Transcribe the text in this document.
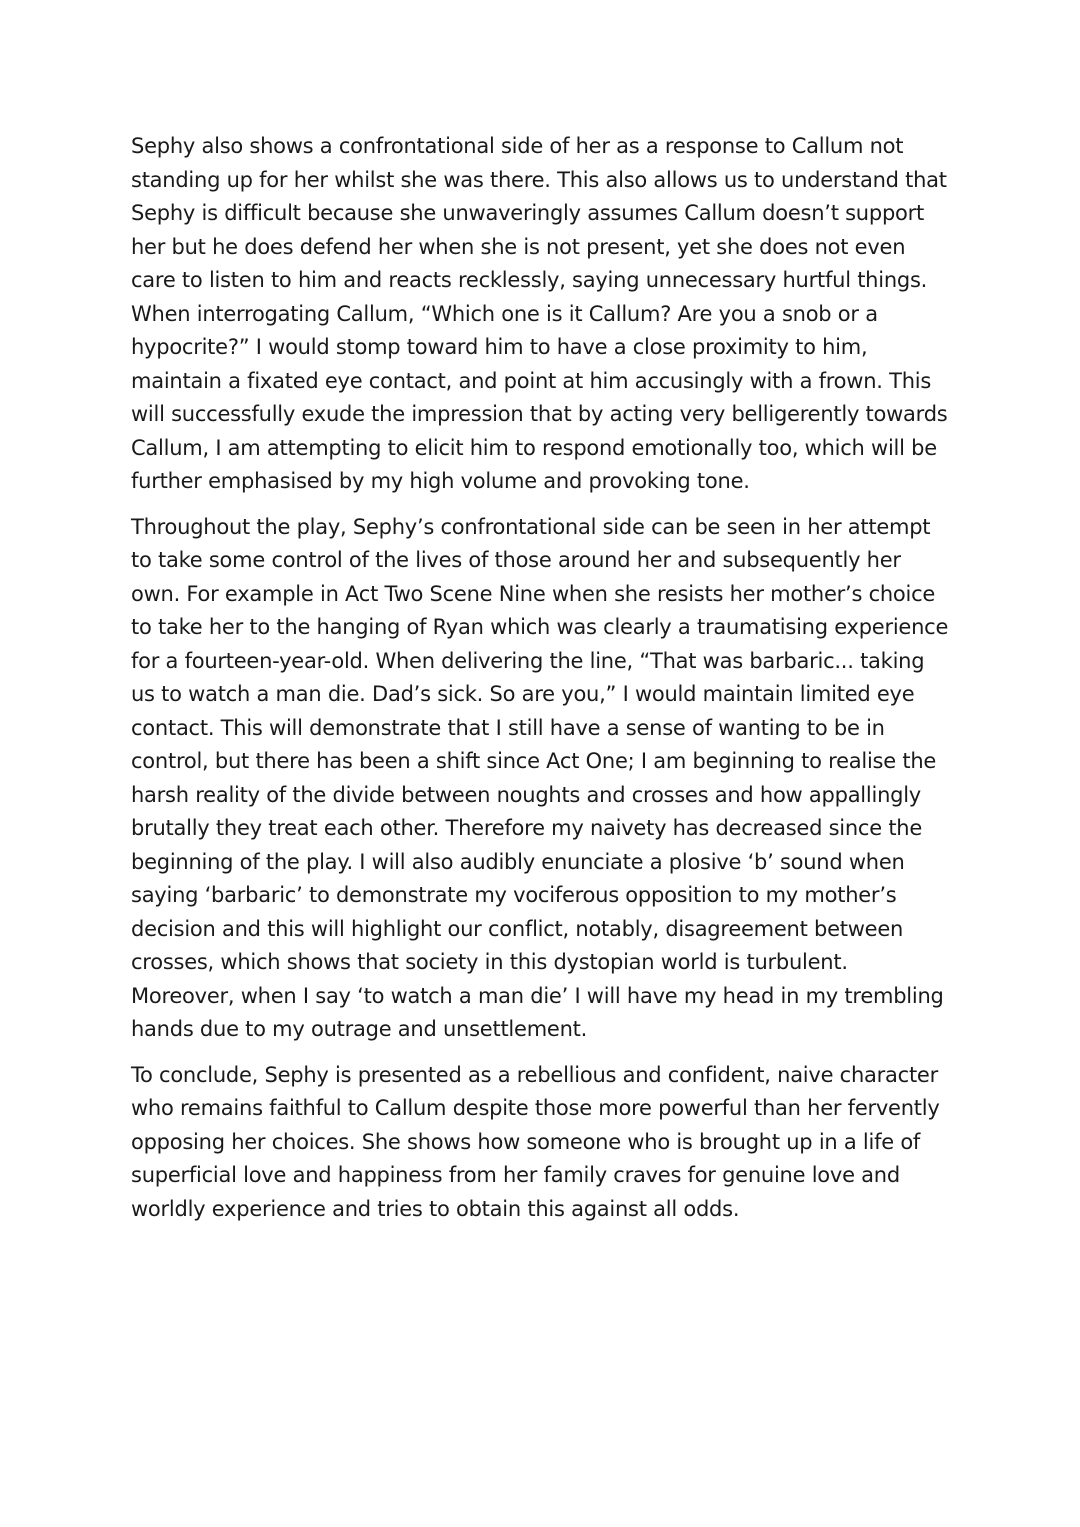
Sephy also shows a confrontational side of her as a response to Callum not
standing up for her whilst she was there. This also allows us to understand that
Sephy is difficult because she unwaveringly assumes Callum doesn’t support
her but he does defend her when she is not present, yet she does not even
care to listen to him and reacts recklessly, saying unnecessary hurtful things.
When interrogating Callum, “Which one is it Callum? Are you a snob or a
hypocrite?” I would stomp toward him to have a close proximity to him,
maintain a fixated eye contact, and point at him accusingly with a frown. This
will successfully exude the impression that by acting very belligerently towards
Callum, I am attempting to elicit him to respond emotionally too, which will be
further emphasised by my high volume and provoking tone.

Throughout the play, Sephy’s confrontational side can be seen in her attempt
to take some control of the lives of those around her and subsequently her
own. For example in Act Two Scene Nine when she resists her mother’s choice
to take her to the hanging of Ryan which was clearly a traumatising experience
for a fourteen-year-old. When delivering the line, “That was barbaric... taking
us to watch a man die. Dad’s sick. So are you,” I would maintain limited eye
contact. This will demonstrate that I still have a sense of wanting to be in
control, but there has been a shift since Act One; I am beginning to realise the
harsh reality of the divide between noughts and crosses and how appallingly
brutally they treat each other. Therefore my naivety has decreased since the
beginning of the play. I will also audibly enunciate a plosive ‘b’ sound when
saying ‘barbaric’ to demonstrate my vociferous opposition to my mother’s
decision and this will highlight our conflict, notably, disagreement between
crosses, which shows that society in this dystopian world is turbulent.
Moreover, when I say ‘to watch a man die’ I will have my head in my trembling
hands due to my outrage and unsettlement.

To conclude, Sephy is presented as a rebellious and confident, naive character
who remains faithful to Callum despite those more powerful than her fervently
opposing her choices. She shows how someone who is brought up in a life of
superficial love and happiness from her family craves for genuine love and
worldly experience and tries to obtain this against all odds.
